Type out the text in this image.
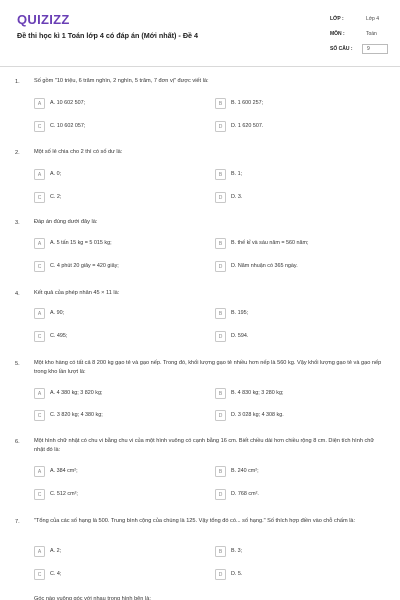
QUIZIZZ
Đề thi học kì 1 Toán lớp 4 có đáp án (Mới nhất) - Đề 4
LỚP :	Lớp 4
MÔN :	Toán
SỐ CÂU :	9
1.	Số gồm "10 triệu, 6 trăm nghìn, 2 nghìn, 5 trăm, 7 đơn vị" được viết là:
A	A. 10 602 507;	B	B. 1 600 257;
C	C. 10 602 057;	D	D. 1 620 507.
2.	Một số lẻ chia cho 2 thì có số dư là:
A	A. 0;	B	B. 1;
C	C. 2;	D	D. 3.
3.	Đáp án đúng dưới đây là:
A	A. 5 tấn 15 kg = 5 015 kg;	B	B. thế kỉ và sáu năm = 560 năm;
C	C. 4 phút 20 giây = 420 giây;	D	D. Năm nhuận có 365 ngày.
4.	Kết quả của phép nhân 45 × 11 là:
A	A. 90;	B	B. 195;
C	C. 495;	D	D. 594.
5.	Một kho hàng có tất cả 8 200 kg gạo tẻ và gạo nếp. Trong đó, khối lượng gạo tẻ nhiều hơn nếp là 560 kg. Vậy khối lượng gạo tẻ và gạo nếp trong kho lần lượt là:
A	A. 4 380 kg; 3 820 kg;	B	B. 4 830 kg; 3 280 kg;
C	C. 3 820 kg; 4 380 kg;	D	D. 3 028 kg; 4 308 kg.
6.	Một hình chữ nhật có chu vi bằng chu vi của một hình vuông có cạnh bằng 16 cm. Biết chiều dài hơn chiều rộng 8 cm. Diện tích hình chữ nhật đó là:
A	A. 384 cm²;	B	B. 240 cm²;
C	C. 512 cm²;	D	D. 768 cm².
7.	"Tổng của các số hạng là 500. Trung bình cộng của chúng là 125. Vậy tổng đó có... số hạng." Số thích hợp điền vào chỗ chấm là:
A	A. 2;	B	B. 3;
C	C. 4;	D	D. 5.
Góc nào vuông góc với nhau trong hình bên là:
